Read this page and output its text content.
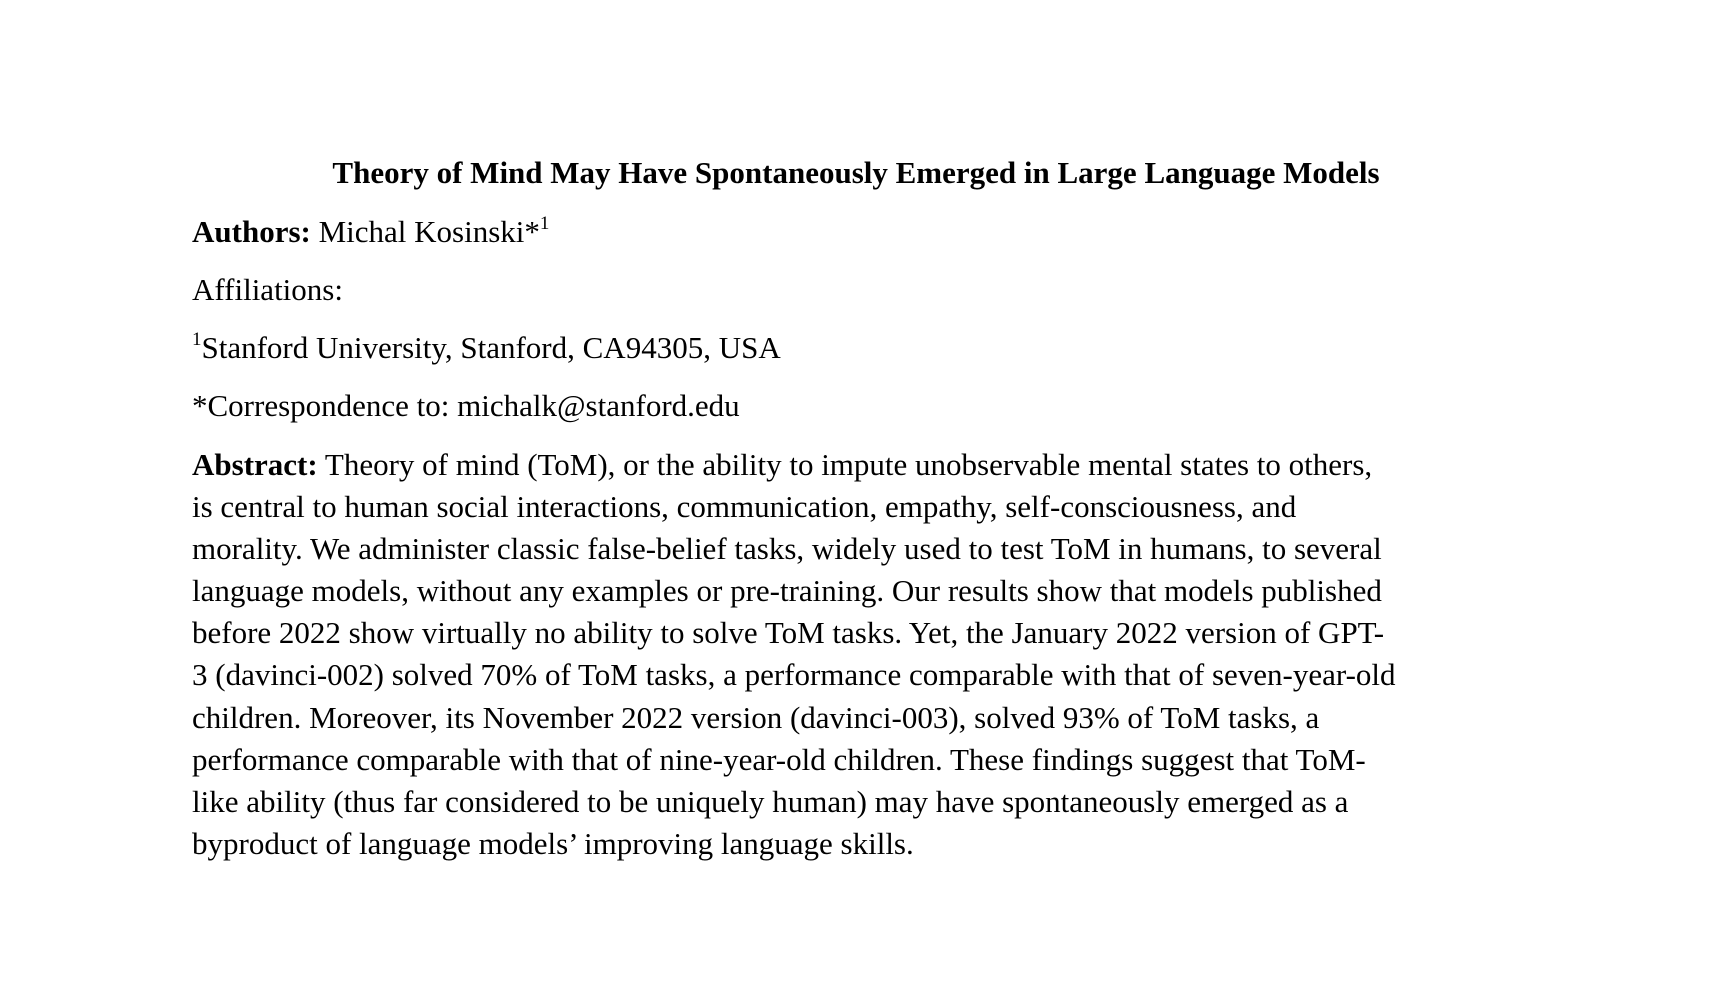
Theory of Mind May Have Spontaneously Emerged in Large Language Models
Authors: Michal Kosinski*$^1$
Affiliations:
$^1$Stanford University, Stanford, CA94305, USA
*Correspondence to: michalk@stanford.edu
Abstract: Theory of mind (ToM), or the ability to impute unobservable mental states to others,
is central to human social interactions, communication, empathy, self-consciousness, and
morality. We administer classic false-belief tasks, widely used to test ToM in humans, to several
language models, without any examples or pre-training. Our results show that models published
before 2022 show virtually no ability to solve ToM tasks. Yet, the January 2022 version of GPT-
3 (davinci-002) solved 70% of ToM tasks, a performance comparable with that of seven-year-old
children. Moreover, its November 2022 version (davinci-003), solved 93% of ToM tasks, a
performance comparable with that of nine-year-old children. These findings suggest that ToM-
like ability (thus far considered to be uniquely human) may have spontaneously emerged as a
byproduct of language models’ improving language skills.
